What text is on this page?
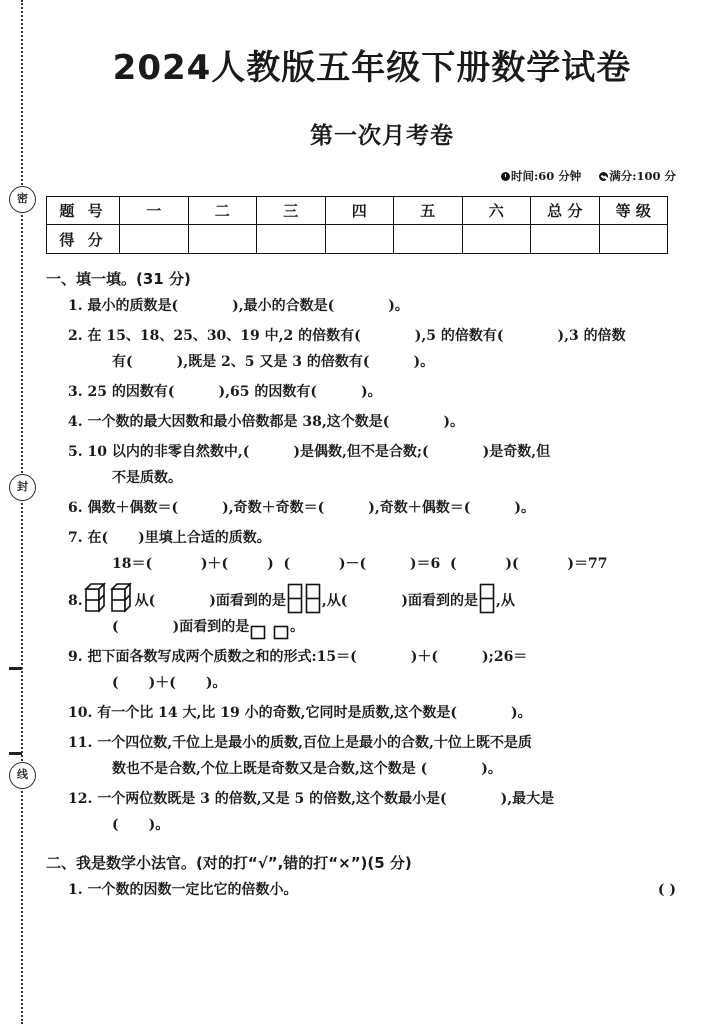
密
封
线
2024人教版五年级下册数学试卷
第一次月考卷
时间:60 分钟 满分:100 分
题 号	一	二	三	四	五	六	总 分	等 级
得 分								
一、填一填。(31 分)
1. 最小的质数是(	),最小的合数是(	)。
2. 在 15、18、25、30、19 中,2 的倍数有(	),5 的倍数有(	),3 的倍数
有(	),既是 2、5 又是 3 的倍数有(	)。
3. 25 的因数有(	),65 的因数有(	)。
4. 一个数的最大因数和最小倍数都是 38,这个数是(	)。
5. 10 以内的非零自然数中,(	)是偶数,但不是合数;(	)是奇数,但
不是质数。
6. 偶数＋偶数＝(	),奇数＋奇数＝(	),奇数＋偶数＝(	)。
7. 在( )里填上合适的质数。
18＝(          )＋(        )  (          )－(         )＝6  (          )(          )＝77
8.	从(	)面看到的是	,从(	)面看到的是 ,从
(	)面看到的是
	。
9. 把下面各数写成两个质数之和的形式:15＝(	)＋(	);26＝
( )＋( )。
10. 有一个比 14 大,比 19 小的奇数,它同时是质数,这个数是(	)。
11. 一个四位数,千位上是最小的质数,百位上是最小的合数,十位上既不是质
数也不是合数,个位上既是奇数又是合数,这个数是 (	)。
12. 一个两位数既是 3 的倍数,又是 5 的倍数,这个数最小是(	),最大是
( )。
二、我是数学小法官。(对的打“√”,错的打“×”)(5 分)
1. 一个数的因数一定比它的倍数小。	( )
